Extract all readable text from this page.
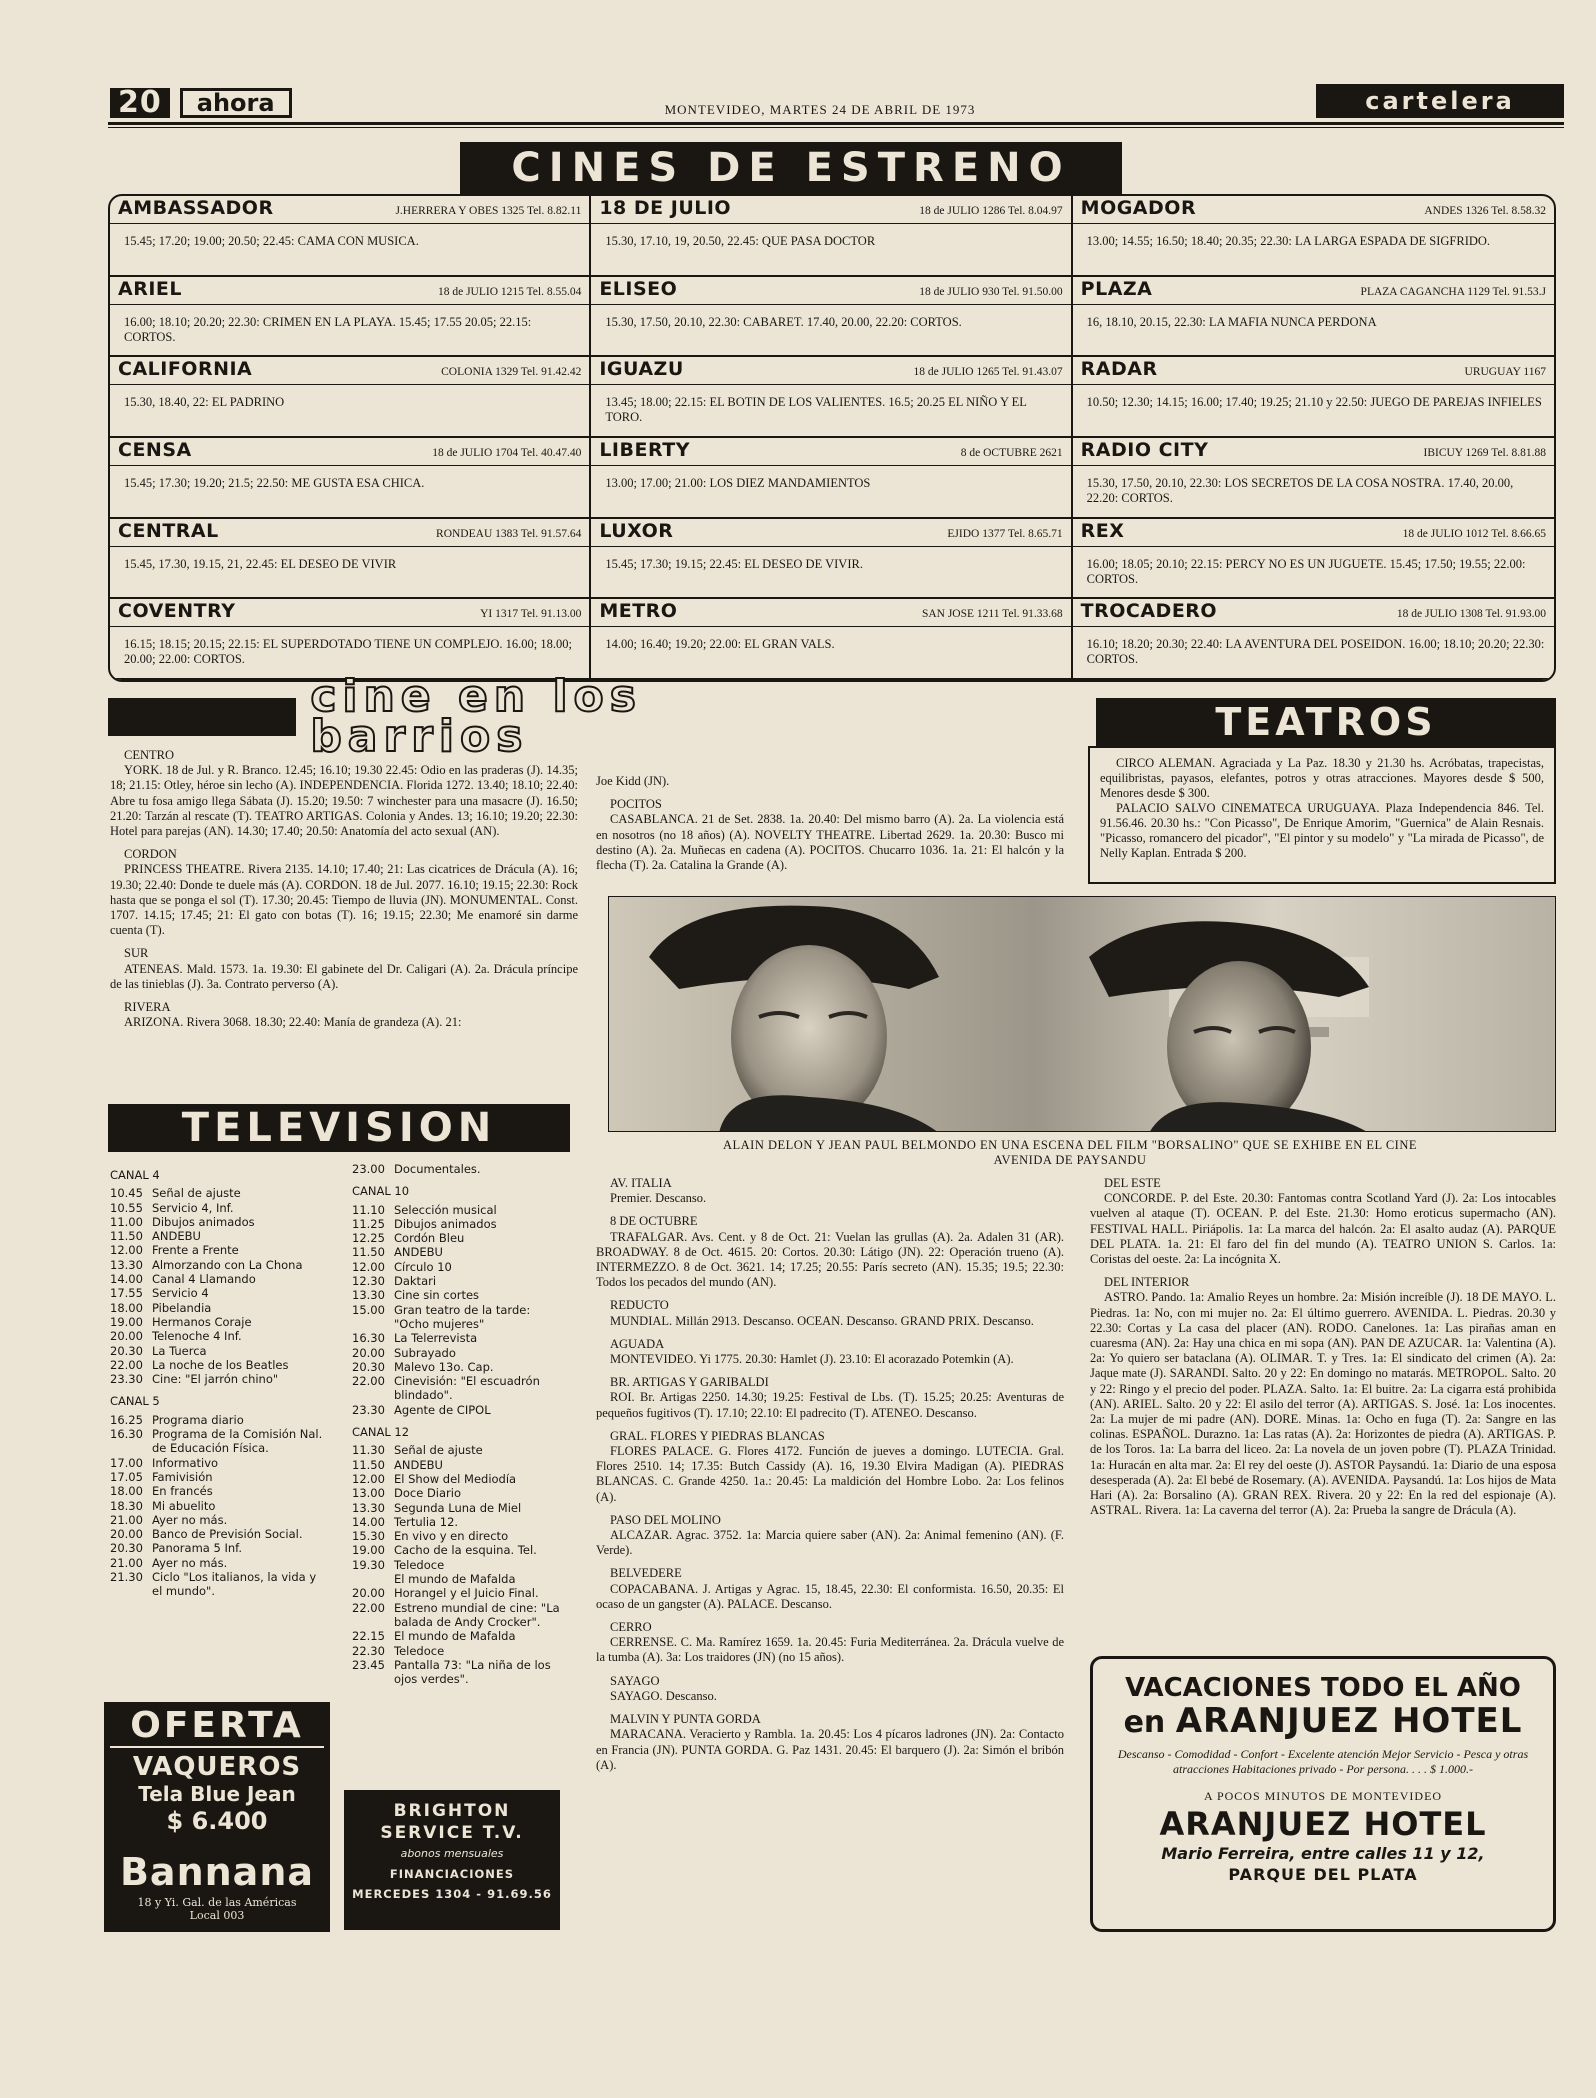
20	ahora	MONTEVIDEO, MARTES 24 DE ABRIL DE 1973	cartelera
CINES DE ESTRENO
AMBASSADOR	J.HERRERA Y OBES 1325 Tel. 8.82.11
15.45; 17.20; 19.00; 20.50; 22.45: CAMA CON MUSICA.
18 DE JULIO	18 de JULIO 1286 Tel. 8.04.97
15.30, 17.10, 19, 20.50, 22.45: QUE PASA DOCTOR
MOGADOR	ANDES 1326 Tel. 8.58.32
13.00; 14.55; 16.50; 18.40; 20.35; 22.30: LA LARGA ESPADA DE SIGFRIDO.
ARIEL	18 de JULIO 1215 Tel. 8.55.04
16.00; 18.10; 20.20; 22.30: CRIMEN EN LA PLAYA. 15.45; 17.55 20.05; 22.15: CORTOS.
ELISEO	18 de JULIO 930 Tel. 91.50.00
15.30, 17.50, 20.10, 22.30: CABARET. 17.40, 20.00, 22.20: CORTOS.
PLAZA	PLAZA CAGANCHA 1129 Tel. 91.53.J
16, 18.10, 20.15, 22.30: LA MAFIA NUNCA PERDONA
CALIFORNIA	COLONIA 1329 Tel. 91.42.42
15.30, 18.40, 22: EL PADRINO
IGUAZU	18 de JULIO 1265 Tel. 91.43.07
13.45; 18.00; 22.15: EL BOTIN DE LOS VALIENTES. 16.5; 20.25 EL NIÑO Y EL TORO.
RADAR	URUGUAY 1167
10.50; 12.30; 14.15; 16.00; 17.40; 19.25; 21.10 y 22.50: JUEGO DE PAREJAS INFIELES
CENSA	18 de JULIO 1704 Tel. 40.47.40
15.45; 17.30; 19.20; 21.5; 22.50: ME GUSTA ESA CHICA.
LIBERTY	8 de OCTUBRE 2621
13.00; 17.00; 21.00: LOS DIEZ MANDAMIENTOS
RADIO CITY	IBICUY 1269 Tel. 8.81.88
15.30, 17.50, 20.10, 22.30: LOS SECRETOS DE LA COSA NOSTRA. 17.40, 20.00, 22.20: CORTOS.
CENTRAL	RONDEAU 1383 Tel. 91.57.64
15.45, 17.30, 19.15, 21, 22.45: EL DESEO DE VIVIR
LUXOR	EJIDO 1377 Tel. 8.65.71
15.45; 17.30; 19.15; 22.45: EL DESEO DE VIVIR.
REX	18 de JULIO 1012 Tel. 8.66.65
16.00; 18.05; 20.10; 22.15: PERCY NO ES UN JUGUETE. 15.45; 17.50; 19.55; 22.00: CORTOS.
COVENTRY	YI 1317 Tel. 91.13.00
16.15; 18.15; 20.15; 22.15: EL SUPERDOTADO TIENE UN COMPLEJO. 16.00; 18.00; 20.00; 22.00: CORTOS.
METRO	SAN JOSE 1211 Tel. 91.33.68
14.00; 16.40; 19.20; 22.00: EL GRAN VALS.
TROCADERO	18 de JULIO 1308 Tel. 91.93.00
16.10; 18.20; 20.30; 22.40: LA AVENTURA DEL POSEIDON. 16.00; 18.10; 20.20; 22.30: CORTOS.
cine en los barrios
CENTRO
YORK. 18 de Jul. y R. Branco. 12.45; 16.10; 19.30 22.45: Odio en las praderas (J). 14.35; 18; 21.15: Otley, héroe sin lecho (A). INDEPENDENCIA. Florida 1272. 13.40; 18.10; 22.40: Abre tu fosa amigo llega Sábata (J). 15.20; 19.50: 7 winchester para una masacre (J). 16.50; 21.20: Tarzán al rescate (T). TEATRO ARTIGAS. Colonia y Andes. 13; 16.10; 19.20; 22.30: Hotel para parejas (AN). 14.30; 17.40; 20.50: Anatomía del acto sexual (AN).
CORDON
PRINCESS THEATRE. Rivera 2135. 14.10; 17.40; 21: Las cicatrices de Drácula (A). 16; 19.30; 22.40: Donde te duele más (A). CORDON. 18 de Jul. 2077. 16.10; 19.15; 22.30: Rock hasta que se ponga el sol (T). 17.30; 20.45: Tiempo de lluvia (JN). MONUMENTAL. Const. 1707. 14.15; 17.45; 21: El gato con botas (T). 16; 19.15; 22.30; Me enamoré sin darme cuenta (T).
SUR
ATENEAS. Mald. 1573. 1a. 19.30: El gabinete del Dr. Caligari (A). 2a. Drácula príncipe de las tinieblas (J). 3a. Contrato perverso (A).
RIVERA
ARIZONA. Rivera 3068. 18.30; 22.40: Manía de grandeza (A). 21:
Joe Kidd (JN).
POCITOS
CASABLANCA. 21 de Set. 2838. 1a. 20.40: Del mismo barro (A). 2a. La violencia está en nosotros (no 18 años) (A). NOVELTY THEATRE. Libertad 2629. 1a. 20.30: Busco mi destino (A). 2a. Muñecas en cadena (A). POCITOS. Chucarro 1036. 1a. 21: El halcón y la flecha (T). 2a. Catalina la Grande (A).
AV. ITALIA
Premier. Descanso.
8 DE OCTUBRE
TRAFALGAR. Avs. Cent. y 8 de Oct. 21: Vuelan las grullas (A). 2a. Adalen 31 (AR). BROADWAY. 8 de Oct. 4615. 20: Cortos. 20.30: Látigo (JN). 22: Operación trueno (A). INTERMEZZO. 8 de Oct. 3621. 14; 17.25; 20.55: París secreto (AN). 15.35; 19.5; 22.30: Todos los pecados del mundo (AN).
REDUCTO
MUNDIAL. Millán 2913. Descanso. OCEAN. Descanso. GRAND PRIX. Descanso.
AGUADA
MONTEVIDEO. Yi 1775. 20.30: Hamlet (J). 23.10: El acorazado Potemkin (A).
BR. ARTIGAS Y GARIBALDI
ROI. Br. Artigas 2250. 14.30; 19.25: Festival de Lbs. (T). 15.25; 20.25: Aventuras de pequeños fugitivos (T). 17.10; 22.10: El padrecito (T). ATENEO. Descanso.
GRAL. FLORES Y PIEDRAS BLANCAS
FLORES PALACE. G. Flores 4172. Función de jueves a domingo. LUTECIA. Gral. Flores 2510. 14; 17.35: Butch Cassidy (A). 16, 19.30 Elvira Madigan (A). PIEDRAS BLANCAS. C. Grande 4250. 1a.: 20.45: La maldición del Hombre Lobo. 2a: Los felinos (A).
PASO DEL MOLINO
ALCAZAR. Agrac. 3752. 1a: Marcia quiere saber (AN). 2a: Animal femenino (AN). (F. Verde).
BELVEDERE
COPACABANA. J. Artigas y Agrac. 15, 18.45, 22.30: El conformista. 16.50, 20.35: El ocaso de un gangster (A). PALACE. Descanso.
CERRO
CERRENSE. C. Ma. Ramírez 1659. 1a. 20.45: Furia Mediterránea. 2a. Drácula vuelve de la tumba (A). 3a: Los traidores (JN) (no 15 años).
SAYAGO
SAYAGO. Descanso.
MALVIN Y PUNTA GORDA
MARACANA. Veracierto y Rambla. 1a. 20.45: Los 4 pícaros ladrones (JN). 2a: Contacto en Francia (JN). PUNTA GORDA. G. Paz 1431. 20.45: El barquero (J). 2a: Simón el bribón (A).
DEL ESTE
CONCORDE. P. del Este. 20.30: Fantomas contra Scotland Yard (J). 2a: Los intocables vuelven al ataque (T). OCEAN. P. del Este. 21.30: Homo eroticus supermacho (AN). FESTIVAL HALL. Piriápolis. 1a: La marca del halcón. 2a: El asalto audaz (A). PARQUE DEL PLATA. 1a. 21: El faro del fin del mundo (A). TEATRO UNION S. Carlos. 1a: Coristas del oeste. 2a: La incógnita X.
DEL INTERIOR
ASTRO. Pando. 1a: Amalio Reyes un hombre. 2a: Misión increíble (J). 18 DE MAYO. L. Piedras. 1a: No, con mi mujer no. 2a: El último guerrero. AVENIDA. L. Piedras. 20.30 y 22.30: Cortas y La casa del placer (AN). RODO. Canelones. 1a: Las pirañas aman en cuaresma (AN). 2a: Hay una chica en mi sopa (AN). PAN DE AZUCAR. 1a: Valentina (A). 2a: Yo quiero ser bataclana (A). OLIMAR. T. y Tres. 1a: El sindicato del crimen (A). 2a: Jaque mate (J). SARANDI. Salto. 20 y 22: En domingo no matarás. METROPOL. Salto. 20 y 22: Ringo y el precio del poder. PLAZA. Salto. 1a: El buitre. 2a: La cigarra está prohibida (AN). ARIEL. Salto. 20 y 22: El asilo del terror (A). ARTIGAS. S. José. 1a: Los inocentes. 2a: La mujer de mi padre (AN). DORE. Minas. 1a: Ocho en fuga (T). 2a: Sangre en las colinas. ESPAÑOL. Durazno. 1a: Las ratas (A). 2a: Horizontes de piedra (A). ARTIGAS. P. de los Toros. 1a: La barra del liceo. 2a: La novela de un joven pobre (T). PLAZA Trinidad. 1a: Huracán en alta mar. 2a: El rey del oeste (J). ASTOR Paysandú. 1a: Diario de una esposa desesperada (A). 2a: El bebé de Rosemary. (A). AVENIDA. Paysandú. 1a: Los hijos de Mata Hari (A). 2a: Borsalino (A). GRAN REX. Rivera. 20 y 22: En la red del espionaje (A). ASTRAL. Rivera. 1a: La caverna del terror (A). 2a: Prueba la sangre de Drácula (A).
TEATROS

CIRCO ALEMAN. Agraciada y La Paz. 18.30 y 21.30 hs. Acróbatas, trapecistas, equilibristas, payasos, elefantes, potros y otras atracciones. Mayores desde $ 500, Menores desde $ 300.

PALACIO SALVO CINEMATECA URUGUAYA. Plaza Independencia 846. Tel. 91.56.46. 20.30 hs.: "Con Picasso", De Enrique Amorim, "Guernica" de Alain Resnais. "Picasso, romancero del picador", "El pintor y su modelo" y "La mirada de Picasso", de Nelly Kaplan. Entrada $ 200.

ALAIN DELON Y JEAN PAUL BELMONDO EN UNA ESCENA DEL FILM "BORSALINO" QUE SE EXHIBE EN EL CINE AVENIDA DE PAYSANDU
TELEVISION
CANAL 4
10.45 Señal de ajuste
10.55 Servicio 4, Inf.
11.00 Dibujos animados
11.50 ANDEBU
12.00 Frente a Frente
13.30 Almorzando con La Chona
14.00 Canal 4 Llamando
17.55 Servicio 4
18.00 Pibelandia
19.00 Hermanos Coraje
20.00 Telenoche 4 Inf.
20.30 La Tuerca
22.00 La noche de los Beatles
23.30 Cine: "El jarrón chino"
CANAL 5
16.25 Programa diario
16.30 Programa de la Comisión Nal. de Educación Física.
17.00 Informativo
17.05 Famivisión
18.00 En francés
18.30 Mi abuelito
21.00 Ayer no más.
20.00 Banco de Previsión Social.
20.30 Panorama 5 Inf.
21.00 Ayer no más.
21.30 Ciclo "Los italianos, la vida y el mundo".
23.00 Documentales.
CANAL 10
11.10 Selección musical
11.25 Dibujos animados
12.25 Cordón Bleu
11.50 ANDEBU
12.00 Círculo 10
12.30 Daktari
13.30 Cine sin cortes
15.00 Gran teatro de la tarde: "Ocho mujeres"
16.30 La Telerrevista
20.00 Subrayado
20.30 Malevo 13o. Cap.
22.00 Cinevisión: "El escuadrón blindado".
23.30 Agente de CIPOL
CANAL 12
11.30 Señal de ajuste
11.50 ANDEBU
12.00 El Show del Mediodía
13.00 Doce Diario
13.30 Segunda Luna de Miel
14.00 Tertulia 12.
15.30 En vivo y en directo
19.00 Cacho de la esquina. Tel.
19.30 Teledoce
El mundo de Mafalda
20.00 Horangel y el Juicio Final.
22.00 Estreno mundial de cine: "La balada de Andy Crocker".
22.15 El mundo de Mafalda
22.30 Teledoce
23.45 Pantalla 73: "La niña de los ojos verdes".
OFERTA
VAQUEROS
Tela Blue Jean
$ 6.400
Bannana
18 y Yi. Gal. de las Américas
Local 003
BRIGHTON
SERVICE T.V.
abonos mensuales
FINANCIACIONES
MERCEDES 1304 - 91.69.56
VACACIONES TODO EL AÑO
en ARANJUEZ HOTEL
Descanso - Comodidad - Confort - Excelente atención Mejor Servicio - Pesca y otras atracciones Habitaciones privado - Por persona. . . . $ 1.000.-
A POCOS MINUTOS DE MONTEVIDEO
ARANJUEZ HOTEL
Mario Ferreira, entre calles 11 y 12,
PARQUE DEL PLATA
